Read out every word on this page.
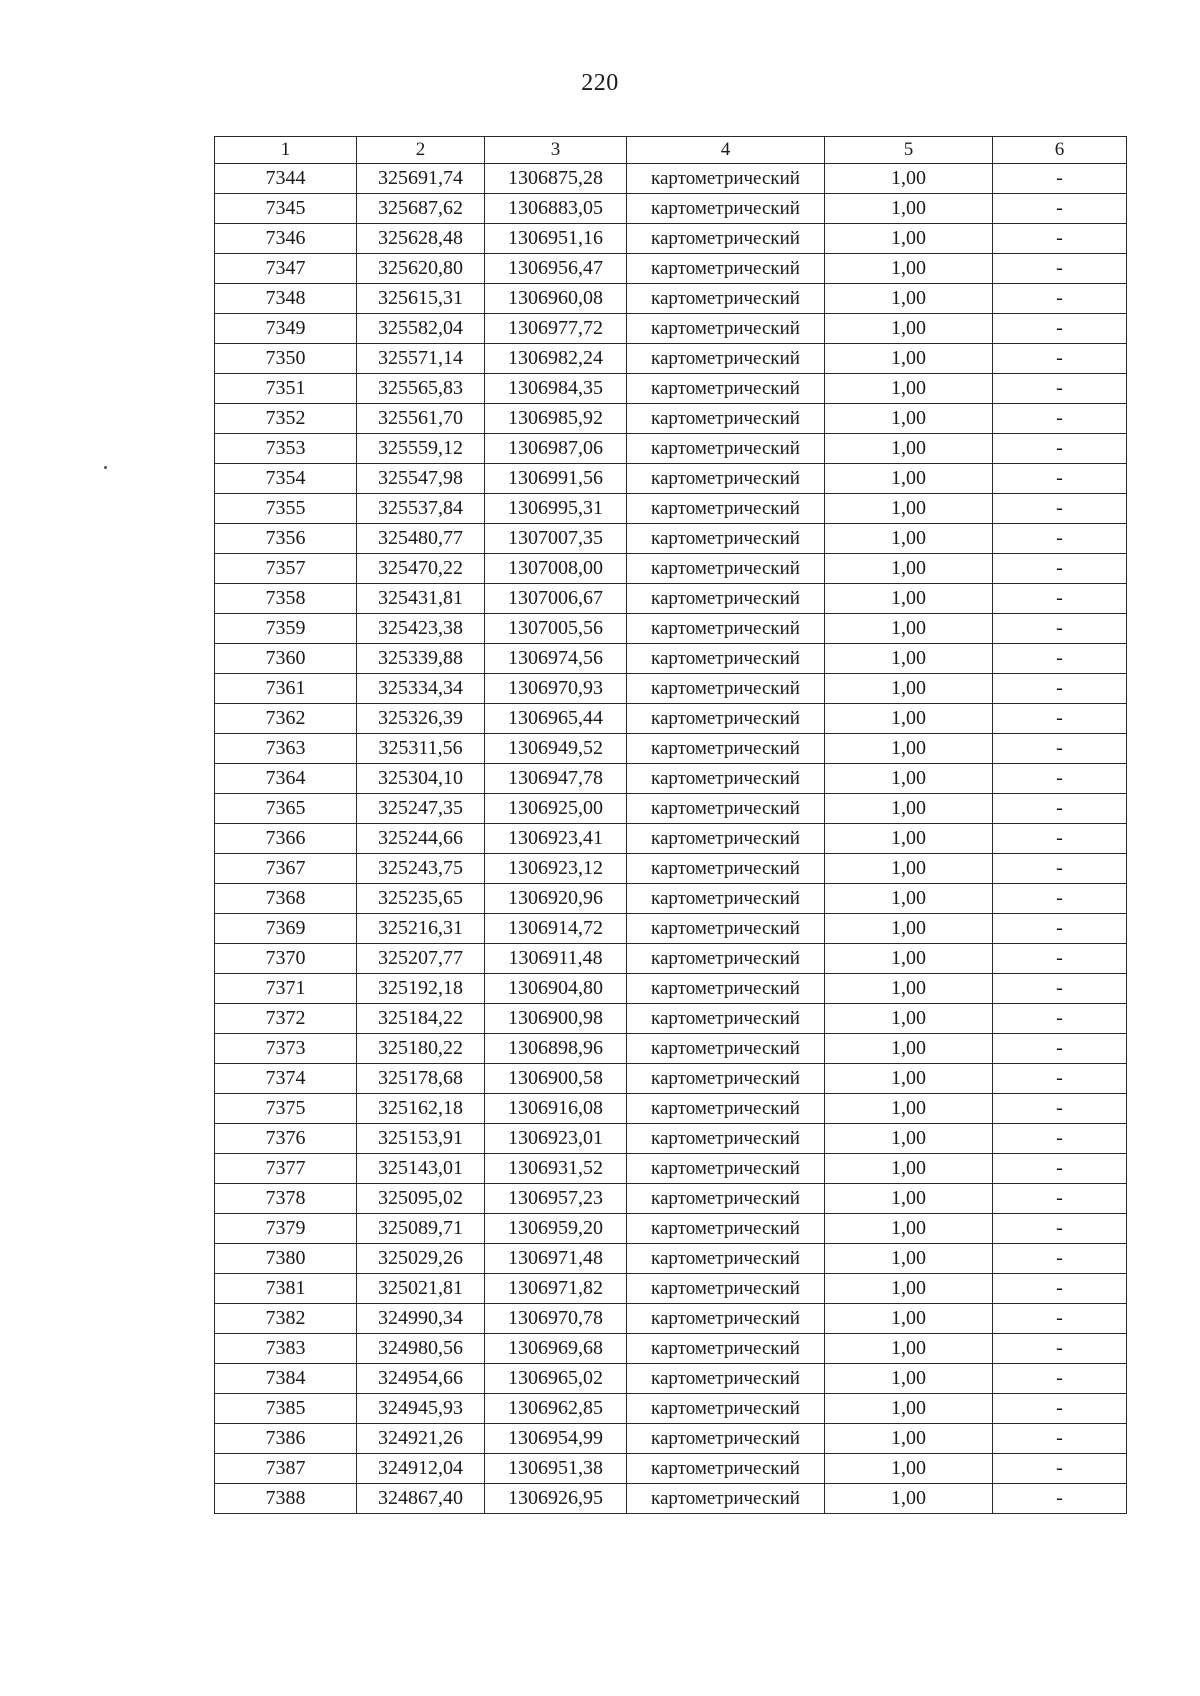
220
1	2	3	4	5	6
7344	325691,74	1306875,28	картометрический	1,00	-
7345	325687,62	1306883,05	картометрический	1,00	-
7346	325628,48	1306951,16	картометрический	1,00	-
7347	325620,80	1306956,47	картометрический	1,00	-
7348	325615,31	1306960,08	картометрический	1,00	-
7349	325582,04	1306977,72	картометрический	1,00	-
7350	325571,14	1306982,24	картометрический	1,00	-
7351	325565,83	1306984,35	картометрический	1,00	-
7352	325561,70	1306985,92	картометрический	1,00	-
7353	325559,12	1306987,06	картометрический	1,00	-
7354	325547,98	1306991,56	картометрический	1,00	-
7355	325537,84	1306995,31	картометрический	1,00	-
7356	325480,77	1307007,35	картометрический	1,00	-
7357	325470,22	1307008,00	картометрический	1,00	-
7358	325431,81	1307006,67	картометрический	1,00	-
7359	325423,38	1307005,56	картометрический	1,00	-
7360	325339,88	1306974,56	картометрический	1,00	-
7361	325334,34	1306970,93	картометрический	1,00	-
7362	325326,39	1306965,44	картометрический	1,00	-
7363	325311,56	1306949,52	картометрический	1,00	-
7364	325304,10	1306947,78	картометрический	1,00	-
7365	325247,35	1306925,00	картометрический	1,00	-
7366	325244,66	1306923,41	картометрический	1,00	-
7367	325243,75	1306923,12	картометрический	1,00	-
7368	325235,65	1306920,96	картометрический	1,00	-
7369	325216,31	1306914,72	картометрический	1,00	-
7370	325207,77	1306911,48	картометрический	1,00	-
7371	325192,18	1306904,80	картометрический	1,00	-
7372	325184,22	1306900,98	картометрический	1,00	-
7373	325180,22	1306898,96	картометрический	1,00	-
7374	325178,68	1306900,58	картометрический	1,00	-
7375	325162,18	1306916,08	картометрический	1,00	-
7376	325153,91	1306923,01	картометрический	1,00	-
7377	325143,01	1306931,52	картометрический	1,00	-
7378	325095,02	1306957,23	картометрический	1,00	-
7379	325089,71	1306959,20	картометрический	1,00	-
7380	325029,26	1306971,48	картометрический	1,00	-
7381	325021,81	1306971,82	картометрический	1,00	-
7382	324990,34	1306970,78	картометрический	1,00	-
7383	324980,56	1306969,68	картометрический	1,00	-
7384	324954,66	1306965,02	картометрический	1,00	-
7385	324945,93	1306962,85	картометрический	1,00	-
7386	324921,26	1306954,99	картометрический	1,00	-
7387	324912,04	1306951,38	картометрический	1,00	-
7388	324867,40	1306926,95	картометрический	1,00	-
